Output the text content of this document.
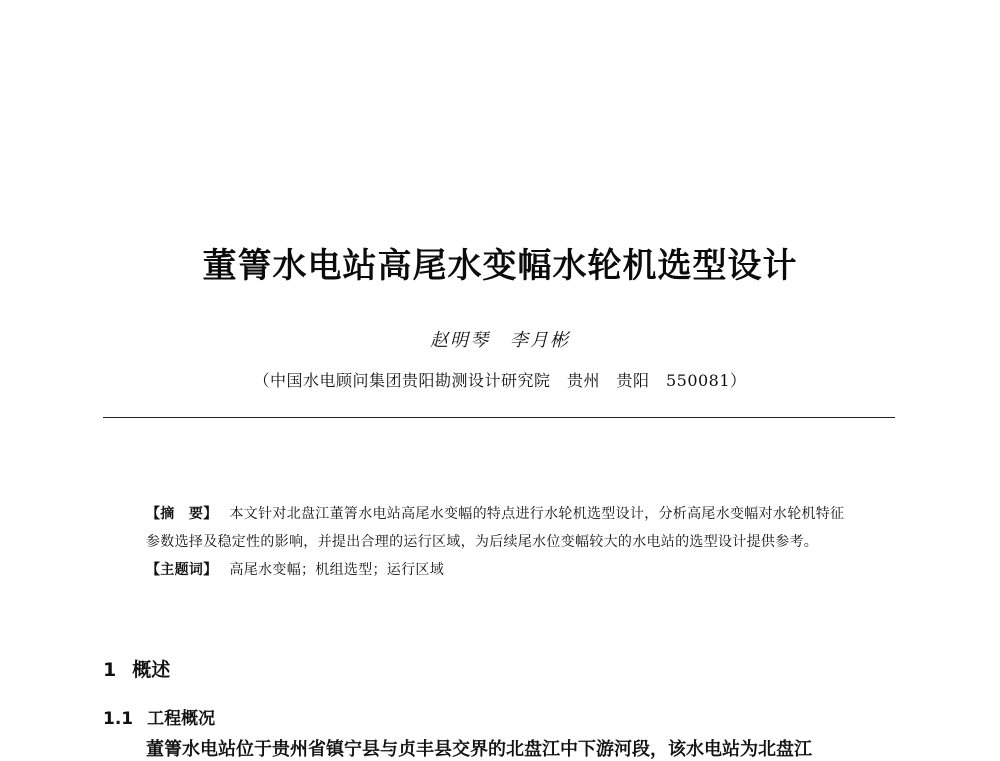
董箐水电站高尾水变幅水轮机选型设计
赵明琴　李月彬
（中国水电顾问集团贵阳勘测设计研究院　贵州　贵阳　550081）
【摘　要】 本文针对北盘江董箐水电站高尾水变幅的特点进行水轮机选型设计，分析高尾水变幅对水轮机特征参数选择及稳定性的影响，并提出合理的运行区域，为后续尾水位变幅较大的水电站的选型设计提供参考。
【主题词】 高尾水变幅；机组选型；运行区域
1 概述
1.1 工程概况
董箐水电站位于贵州省镇宁县与贞丰县交界的北盘江中下游河段，该水电站为北盘江
